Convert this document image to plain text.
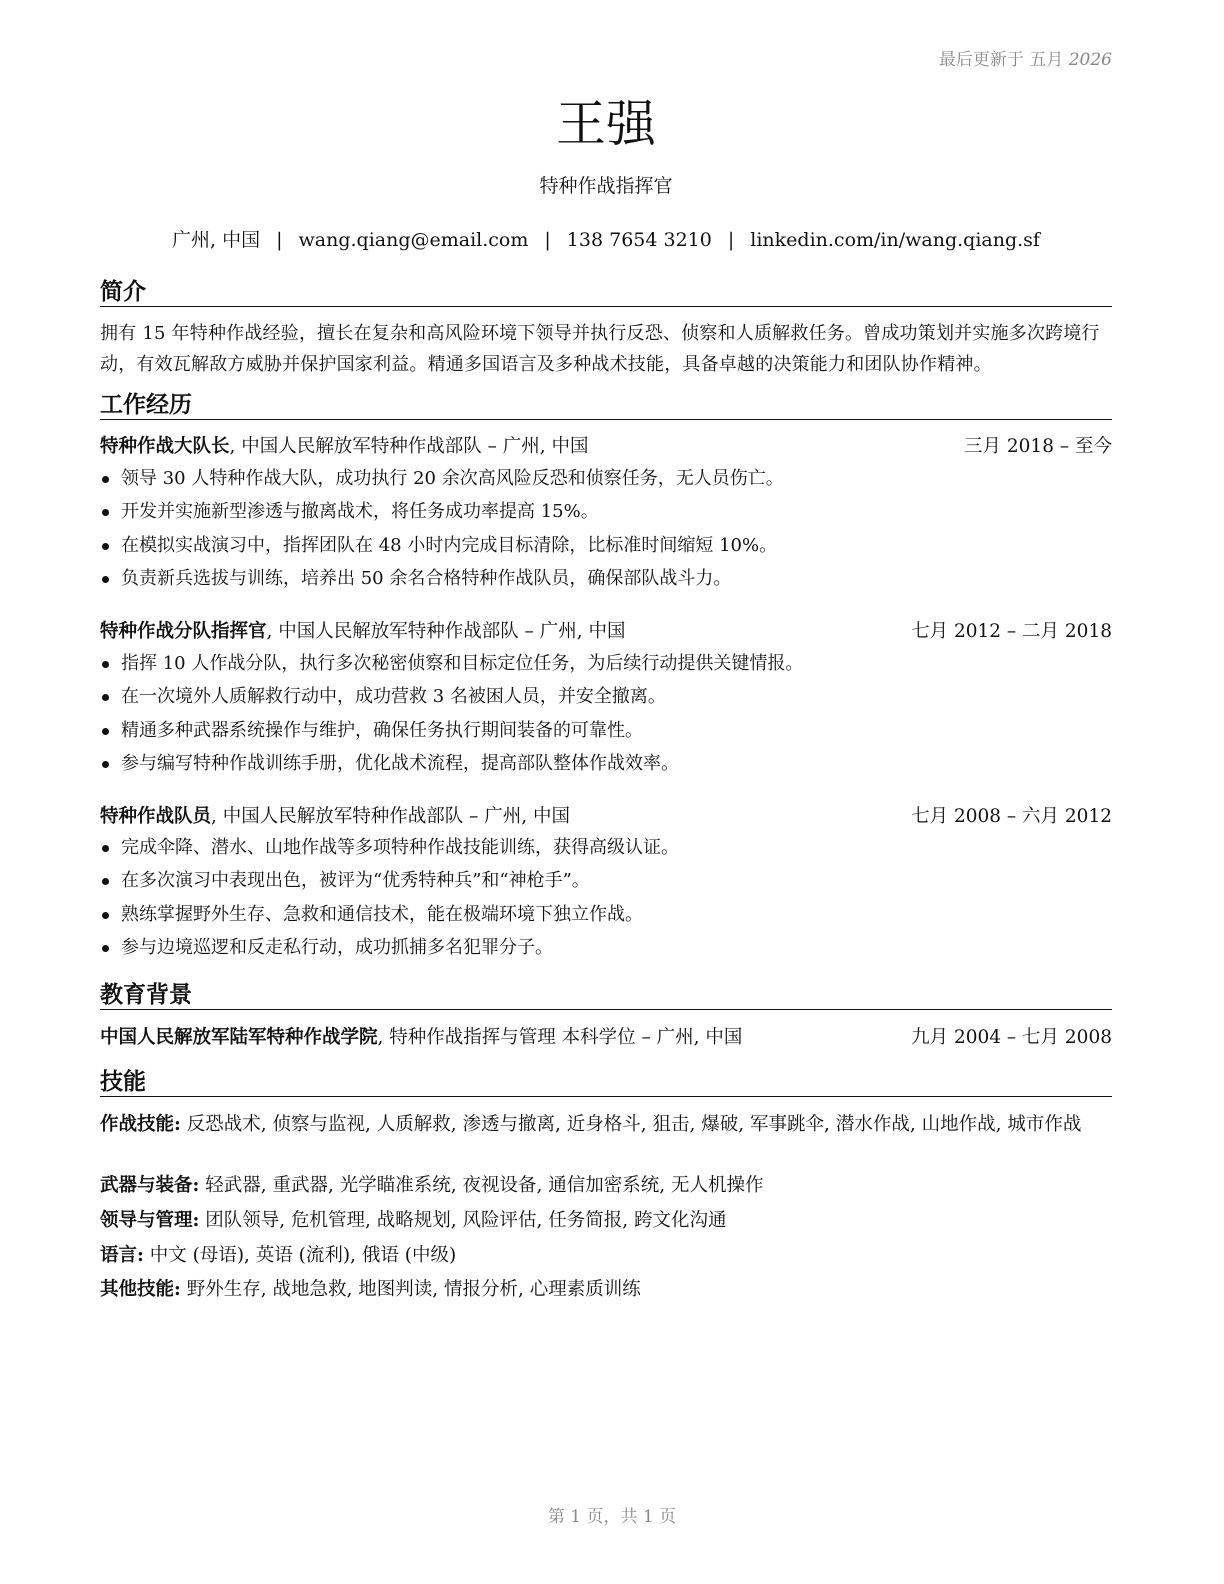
最后更新于 五月 2026
王强
特种作战指挥官
广州, 中国 | wang.qiang@email.com | 138 7654 3210 | linkedin.com/in/wang.qiang.sf
简介
拥有 15 年特种作战经验，擅长在复杂和高风险环境下领导并执行反恐、侦察和人质解救任务。曾成功策划并实施多次跨境行动，有效瓦解敌方威胁并保护国家利益。精通多国语言及多种战术技能，具备卓越的决策能力和团队协作精神。
工作经历
特种作战大队长, 中国人民解放军特种作战部队 – 广州, 中国	三月 2018 – 至今
领导 30 人特种作战大队，成功执行 20 余次高风险反恐和侦察任务，无人员伤亡。
开发并实施新型渗透与撤离战术，将任务成功率提高 15%。
在模拟实战演习中，指挥团队在 48 小时内完成目标清除，比标准时间缩短 10%。
负责新兵选拔与训练，培养出 50 余名合格特种作战队员，确保部队战斗力。
特种作战分队指挥官, 中国人民解放军特种作战部队 – 广州, 中国	七月 2012 – 二月 2018
指挥 10 人作战分队，执行多次秘密侦察和目标定位任务，为后续行动提供关键情报。
在一次境外人质解救行动中，成功营救 3 名被困人员，并安全撤离。
精通多种武器系统操作与维护，确保任务执行期间装备的可靠性。
参与编写特种作战训练手册，优化战术流程，提高部队整体作战效率。
特种作战队员, 中国人民解放军特种作战部队 – 广州, 中国	七月 2008 – 六月 2012
完成伞降、潜水、山地作战等多项特种作战技能训练，获得高级认证。
在多次演习中表现出色，被评为“优秀特种兵”和“神枪手”。
熟练掌握野外生存、急救和通信技术，能在极端环境下独立作战。
参与边境巡逻和反走私行动，成功抓捕多名犯罪分子。
教育背景
中国人民解放军陆军特种作战学院, 特种作战指挥与管理 本科学位 – 广州, 中国	九月 2004 – 七月 2008
技能
作战技能: 反恐战术, 侦察与监视, 人质解救, 渗透与撤离, 近身格斗, 狙击, 爆破, 军事跳伞, 潜水作战, 山地作战, 城市作战
武器与装备: 轻武器, 重武器, 光学瞄准系统, 夜视设备, 通信加密系统, 无人机操作
领导与管理: 团队领导, 危机管理, 战略规划, 风险评估, 任务简报, 跨文化沟通
语言: 中文 (母语), 英语 (流利), 俄语 (中级)
其他技能: 野外生存, 战地急救, 地图判读, 情报分析, 心理素质训练
第 1 页，共 1 页
